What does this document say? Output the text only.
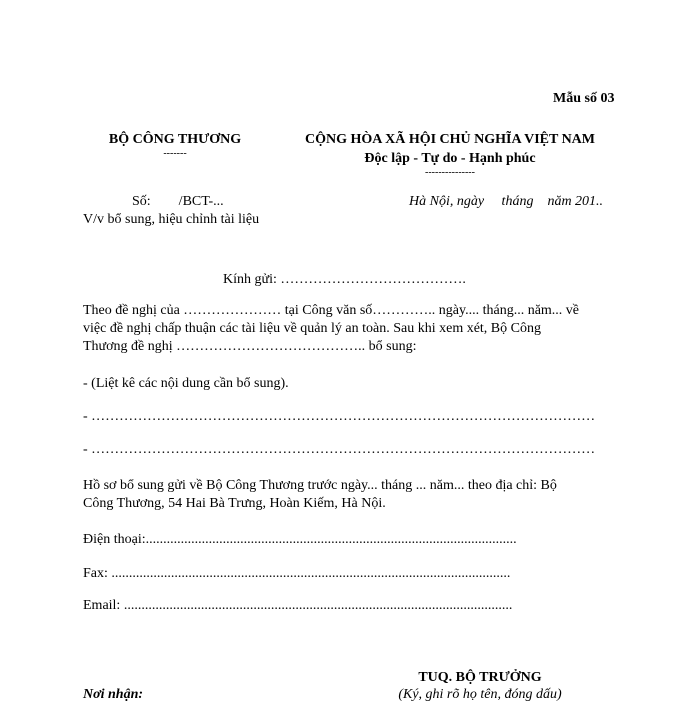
Mẫu số 03
BỘ CÔNG THƯƠNG
-------
CỘNG HÒA XÃ HỘI CHỦ NGHĨA VIỆT NAM
Độc lập - Tự do - Hạnh phúc
---------------
Số:        /BCT-...
V/v bổ sung, hiệu chỉnh tài liệu
Hà Nội, ngày     tháng    năm 201..
Kính gửi: ………………………………….
Theo đề nghị của ………………… tại Công văn số………….. ngày.... tháng... năm... về
việc đề nghị chấp thuận các tài liệu về quản lý an toàn. Sau khi xem xét, Bộ Công
Thương đề nghị ………………………………….. bổ sung:
- (Liệt kê các nội dung cần bổ sung).
- ………………………………………………………………………………………………
- ………………………………………………………………………………………………
Hồ sơ bổ sung gửi về Bộ Công Thương trước ngày... tháng ... năm... theo địa chỉ: Bộ
Công Thương, 54 Hai Bà Trưng, Hoàn Kiếm, Hà Nội.
Điện thoại:..........................................................................................................
Fax: ..................................................................................................................
Email: ...............................................................................................................
TUQ. BỘ TRƯỞNG
(Ký, ghi rõ họ tên, đóng dấu)
Nơi nhận:
